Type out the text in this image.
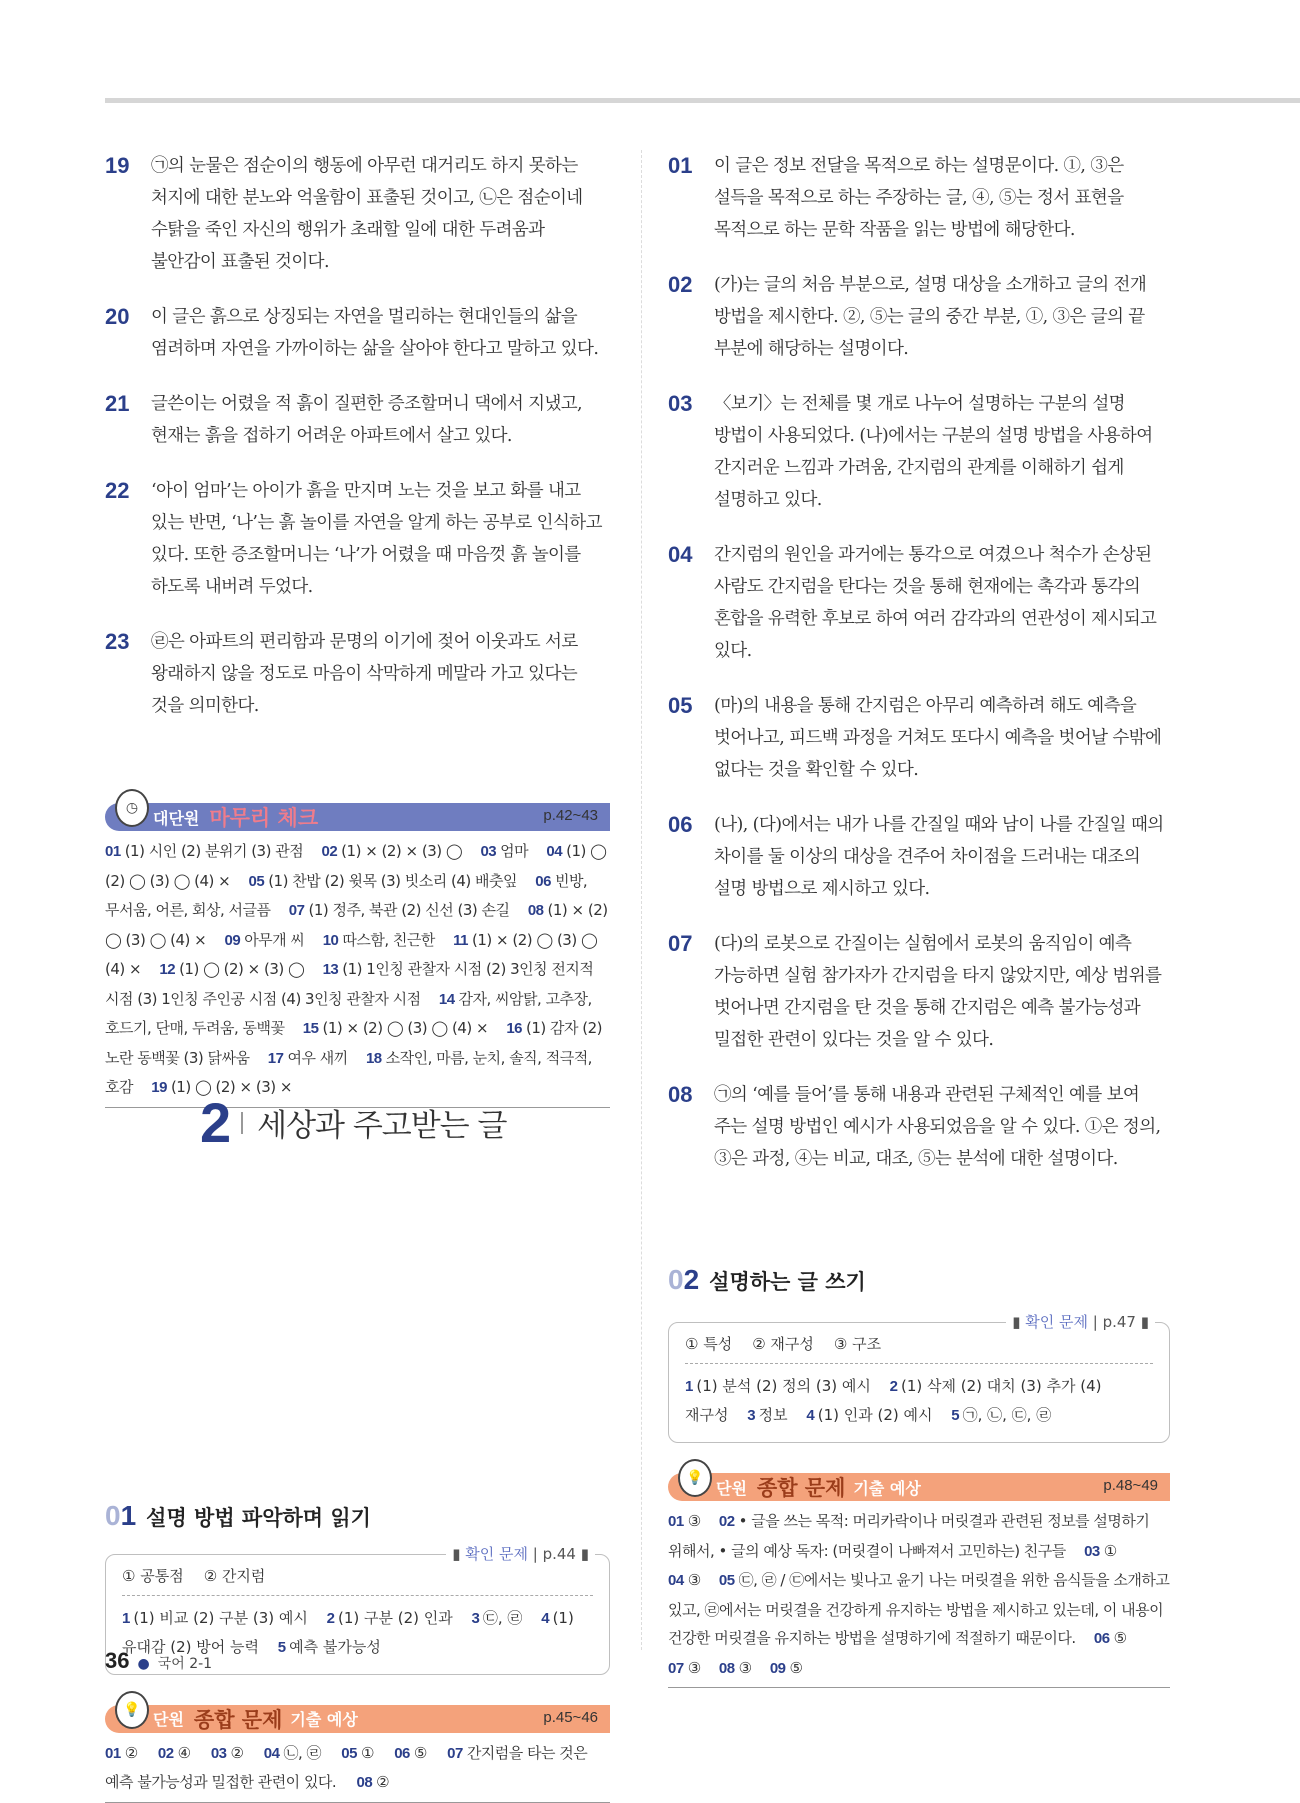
19	㉠의 눈물은 점순이의 행동에 아무런 대거리도 하지 못하는 처지에 대한 분노와 억울함이 표출된 것이고, ㉡은 점순이네 수탉을 죽인 자신의 행위가 초래할 일에 대한 두려움과 불안감이 표출된 것이다.
20	이 글은 흙으로 상징되는 자연을 멀리하는 현대인들의 삶을 염려하며 자연을 가까이하는 삶을 살아야 한다고 말하고 있다.
21	글쓴이는 어렸을 적 흙이 질편한 증조할머니 댁에서 지냈고, 현재는 흙을 접하기 어려운 아파트에서 살고 있다.
22	‘아이 엄마’는 아이가 흙을 만지며 노는 것을 보고 화를 내고 있는 반면, ‘나’는 흙 놀이를 자연을 알게 하는 공부로 인식하고 있다. 또한 증조할머니는 ‘나’가 어렸을 때 마음껏 흙 놀이를 하도록 내버려 두었다.
23	㉣은 아파트의 편리함과 문명의 이기에 젖어 이웃과도 서로 왕래하지 않을 정도로 마음이 삭막하게 메말라 가고 있다는 것을 의미한다.
◷
대단원 마무리 체크	p.42~43
01 (1) 시인 (2) 분위기 (3) 관점 02 (1) × (2) × (3) ◯ 03 엄마 04 (1) ◯ (2) ◯ (3) ◯ (4) × 05 (1) 찬밥 (2) 윗목 (3) 빗소리 (4) 배춧잎 06 빈방, 무서움, 어른, 회상, 서글픔 07 (1) 정주, 북관 (2) 신선 (3) 손길 08 (1) × (2) ◯ (3) ◯ (4) × 09 아무개 씨 10 따스함, 친근한 11 (1) × (2) ◯ (3) ◯ (4) × 12 (1) ◯ (2) × (3) ◯ 13 (1) 1인칭 관찰자 시점 (2) 3인칭 전지적 시점 (3) 1인칭 주인공 시점 (4) 3인칭 관찰자 시점 14 감자, 씨암탉, 고추장, 호드기, 단매, 두려움, 동백꽃 15 (1) × (2) ◯ (3) ◯ (4) × 16 (1) 감자 (2) 노란 동백꽃 (3) 닭싸움 17 여우 새끼 18 소작인, 마름, 눈치, 솔직, 적극적, 호감 19 (1) ◯ (2) × (3) ×
01 설명 방법 파악하며 읽기
▮ 확인 문제 | p.44 ▮
① 공통점 ② 간지럼
1 (1) 비교 (2) 구분 (3) 예시 2 (1) 구분 (2) 인과 3 ㉢, ㉣ 4 (1) 유대감 (2) 방어 능력 5 예측 불가능성
💡
단원 종합 문제 기출 예상	p.45~46
01 ② 02 ④ 03 ② 04 ㉡, ㉣ 05 ① 06 ⑤ 07 간지럼을 타는 것은 예측 불가능성과 밀접한 관련이 있다. 08 ②
2 세상과 주고받는 글
01	이 글은 정보 전달을 목적으로 하는 설명문이다. ①, ③은 설득을 목적으로 하는 주장하는 글, ④, ⑤는 정서 표현을 목적으로 하는 문학 작품을 읽는 방법에 해당한다.
02	(가)는 글의 처음 부분으로, 설명 대상을 소개하고 글의 전개 방법을 제시한다. ②, ⑤는 글의 중간 부분, ①, ③은 글의 끝 부분에 해당하는 설명이다.
03	〈보기〉는 전체를 몇 개로 나누어 설명하는 구분의 설명 방법이 사용되었다. (나)에서는 구분의 설명 방법을 사용하여 간지러운 느낌과 가려움, 간지럼의 관계를 이해하기 쉽게 설명하고 있다.
04	간지럼의 원인을 과거에는 통각으로 여겼으나 척수가 손상된 사람도 간지럼을 탄다는 것을 통해 현재에는 촉각과 통각의 혼합을 유력한 후보로 하여 여러 감각과의 연관성이 제시되고 있다.
05	(마)의 내용을 통해 간지럼은 아무리 예측하려 해도 예측을 벗어나고, 피드백 과정을 거쳐도 또다시 예측을 벗어날 수밖에 없다는 것을 확인할 수 있다.
06	(나), (다)에서는 내가 나를 간질일 때와 남이 나를 간질일 때의 차이를 둘 이상의 대상을 견주어 차이점을 드러내는 대조의 설명 방법으로 제시하고 있다.
07	(다)의 로봇으로 간질이는 실험에서 로봇의 움직임이 예측 가능하면 실험 참가자가 간지럼을 타지 않았지만, 예상 범위를 벗어나면 간지럼을 탄 것을 통해 간지럼은 예측 불가능성과 밀접한 관련이 있다는 것을 알 수 있다.
08	㉠의 ‘예를 들어’를 통해 내용과 관련된 구체적인 예를 보여 주는 설명 방법인 예시가 사용되었음을 알 수 있다. ①은 정의, ③은 과정, ④는 비교, 대조, ⑤는 분석에 대한 설명이다.
02 설명하는 글 쓰기
▮ 확인 문제 | p.47 ▮
① 특성 ② 재구성 ③ 구조
1 (1) 분석 (2) 정의 (3) 예시 2 (1) 삭제 (2) 대치 (3) 추가 (4) 재구성 3 정보 4 (1) 인과 (2) 예시 5 ㉠, ㉡, ㉢, ㉣
💡
단원 종합 문제 기출 예상	p.48~49
01 ③ 02 • 글을 쓰는 목적: 머리카락이나 머릿결과 관련된 정보를 설명하기 위해서, • 글의 예상 독자: (머릿결이 나빠져서 고민하는) 친구들 03 ① 04 ③ 05 ㉢, ㉣ / ㉢에서는 빛나고 윤기 나는 머릿결을 위한 음식들을 소개하고 있고, ㉣에서는 머릿결을 건강하게 유지하는 방법을 제시하고 있는데, 이 내용이 건강한 머릿결을 유지하는 방법을 설명하기에 적절하기 때문이다. 06 ⑤ 07 ③ 08 ③ 09 ⑤
36 ● 국어 2-1
